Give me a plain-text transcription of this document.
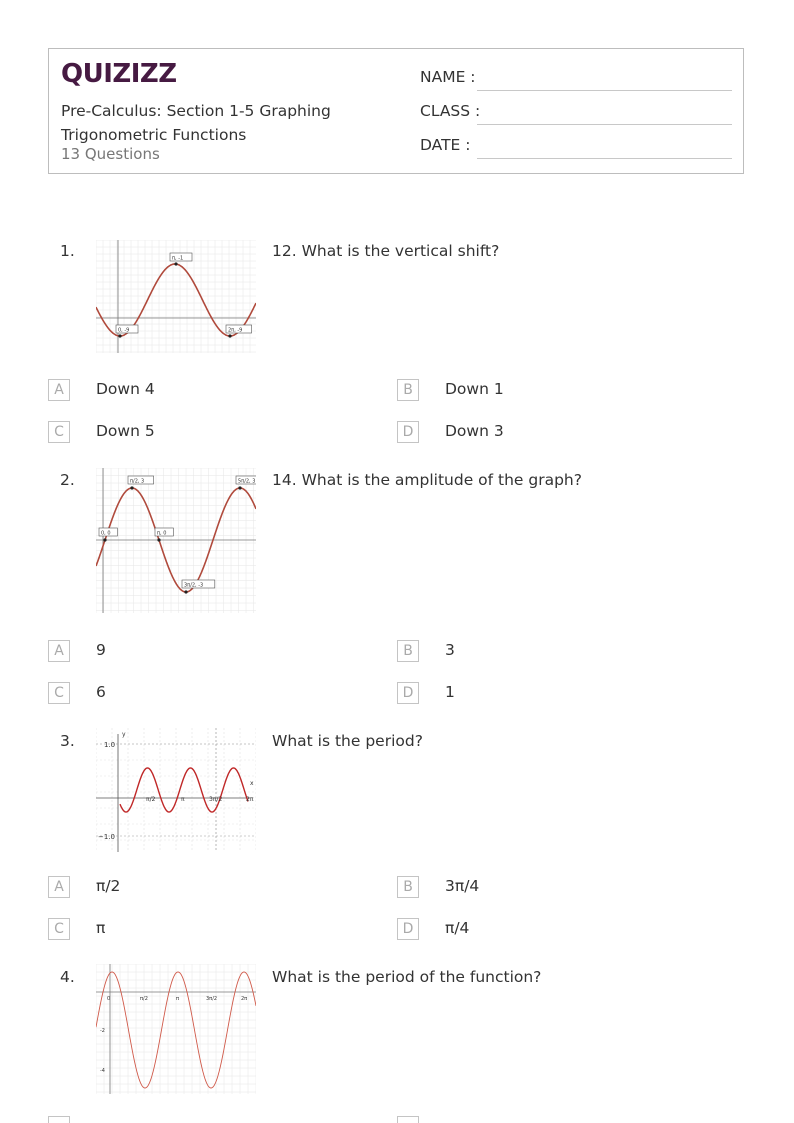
QUIZIZZ
Pre-Calculus: Section 1-5 Graphing Trigonometric Functions
13 Questions
NAME :
CLASS :
DATE :
1.	π, -1
0, -9	2π, -9
12. What is the vertical shift?
A	Down 4	B	Down 1
C	Down 5	D	Down 3
2.	π/2, 3	5π/2, 3
0, 0	π, 0
3π/2, -3
14. What is the amplitude of the graph?
A	9	B	3
C	6	D	1
3.	1.0
−1.0
π/2	π	3π/2	2π
x
y	What is the period?
A	π/2	B	3π/4
C	π	D	π/4
4.
0	π/2	π	3π/2	2π
-2
-4
What is the period of the function?
